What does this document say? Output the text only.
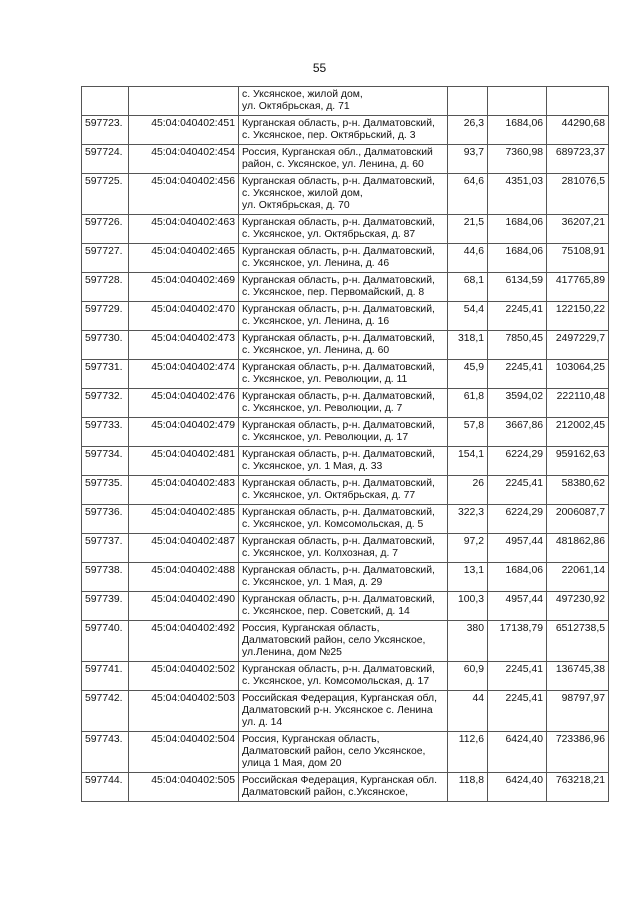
55
		с. Уксянское, жилой дом,
ул. Октябрьская, д. 71			
597723.	45:04:040402:451	Курганская область, р-н. Далматовский,
с. Уксянское, пер. Октябрьский, д. 3	26,3	1684,06	44290,68
597724.	45:04:040402:454	Россия, Курганская обл., Далматовский
район, с. Уксянское, ул. Ленина, д. 60	93,7	7360,98	689723,37
597725.	45:04:040402:456	Курганская область, р-н. Далматовский,
с. Уксянское, жилой дом,
ул. Октябрьская, д. 70	64,6	4351,03	281076,5
597726.	45:04:040402:463	Курганская область, р-н. Далматовский,
с. Уксянское, ул. Октябрьская, д. 87	21,5	1684,06	36207,21
597727.	45:04:040402:465	Курганская область, р-н. Далматовский,
с. Уксянское, ул. Ленина, д. 46	44,6	1684,06	75108,91
597728.	45:04:040402:469	Курганская область, р-н. Далматовский,
с. Уксянское, пер. Первомайский, д. 8	68,1	6134,59	417765,89
597729.	45:04:040402:470	Курганская область, р-н. Далматовский,
с. Уксянское, ул. Ленина, д. 16	54,4	2245,41	122150,22
597730.	45:04:040402:473	Курганская область, р-н. Далматовский,
с. Уксянское, ул. Ленина, д. 60	318,1	7850,45	2497229,7
597731.	45:04:040402:474	Курганская область, р-н. Далматовский,
с. Уксянское, ул. Революции, д. 11	45,9	2245,41	103064,25
597732.	45:04:040402:476	Курганская область, р-н. Далматовский,
с. Уксянское, ул. Революции, д. 7	61,8	3594,02	222110,48
597733.	45:04:040402:479	Курганская область, р-н. Далматовский,
с. Уксянское, ул. Революции, д. 17	57,8	3667,86	212002,45
597734.	45:04:040402:481	Курганская область, р-н. Далматовский,
с. Уксянское, ул. 1 Мая, д. 33	154,1	6224,29	959162,63
597735.	45:04:040402:483	Курганская область, р-н. Далматовский,
с. Уксянское, ул. Октябрьская, д. 77	26	2245,41	58380,62
597736.	45:04:040402:485	Курганская область, р-н. Далматовский,
с. Уксянское, ул. Комсомольская, д. 5	322,3	6224,29	2006087,7
597737.	45:04:040402:487	Курганская область, р-н. Далматовский,
с. Уксянское, ул. Колхозная, д. 7	97,2	4957,44	481862,86
597738.	45:04:040402:488	Курганская область, р-н. Далматовский,
с. Уксянское, ул. 1 Мая, д. 29	13,1	1684,06	22061,14
597739.	45:04:040402:490	Курганская область, р-н. Далматовский,
с. Уксянское, пер. Советский, д. 14	100,3	4957,44	497230,92
597740.	45:04:040402:492	Россия, Курганская область,
Далматовский район, село Уксянское,
ул.Ленина, дом №25	380	17138,79	6512738,5
597741.	45:04:040402:502	Курганская область, р-н. Далматовский,
с. Уксянское, ул. Комсомольская, д. 17	60,9	2245,41	136745,38
597742.	45:04:040402:503	Российская Федерация, Курганская обл,
Далматовский р-н. Уксянское с. Ленина
ул. д. 14	44	2245,41	98797,97
597743.	45:04:040402:504	Россия, Курганская область,
Далматовский район, село Уксянское,
улица 1 Мая, дом 20	112,6	6424,40	723386,96
597744.	45:04:040402:505	Российская Федерация, Курганская обл.
Далматовский район, с.Уксянское,	118,8	6424,40	763218,21
